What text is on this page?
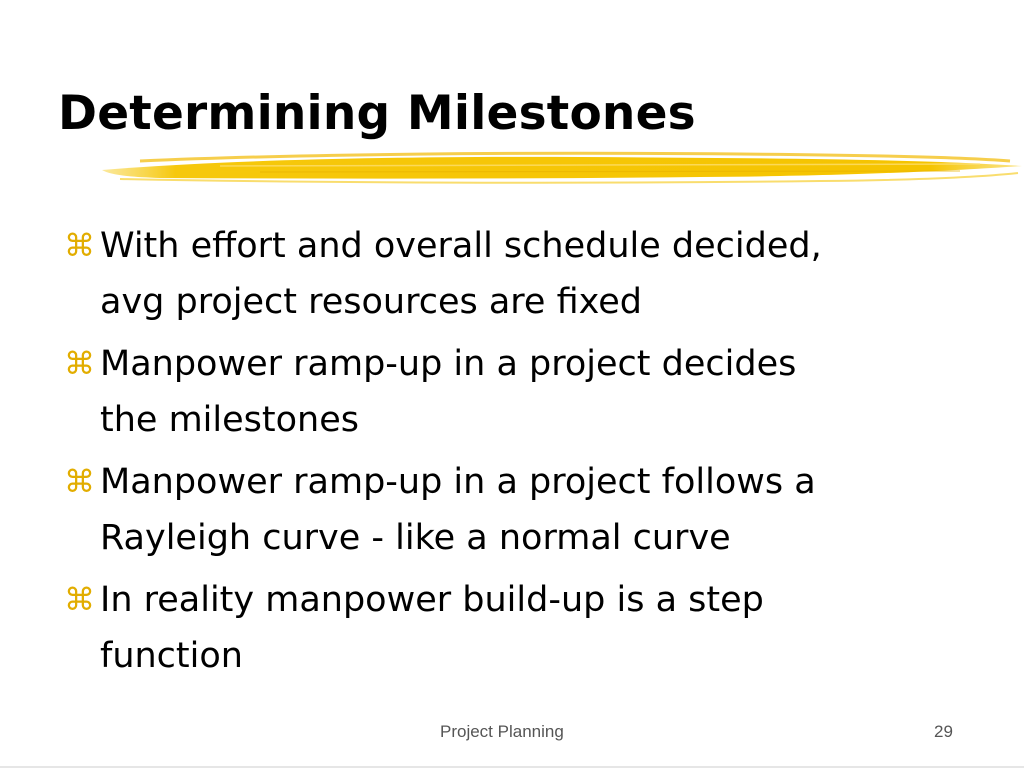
Determining Milestones
⌘ With effort and overall schedule decided,
avg project resources are fixed
⌘ Manpower ramp-up in a project decides
the milestones
⌘ Manpower ramp-up in a project follows a
Rayleigh curve - like a normal curve
⌘ In reality manpower build-up is a step
function
Project Planning	29
